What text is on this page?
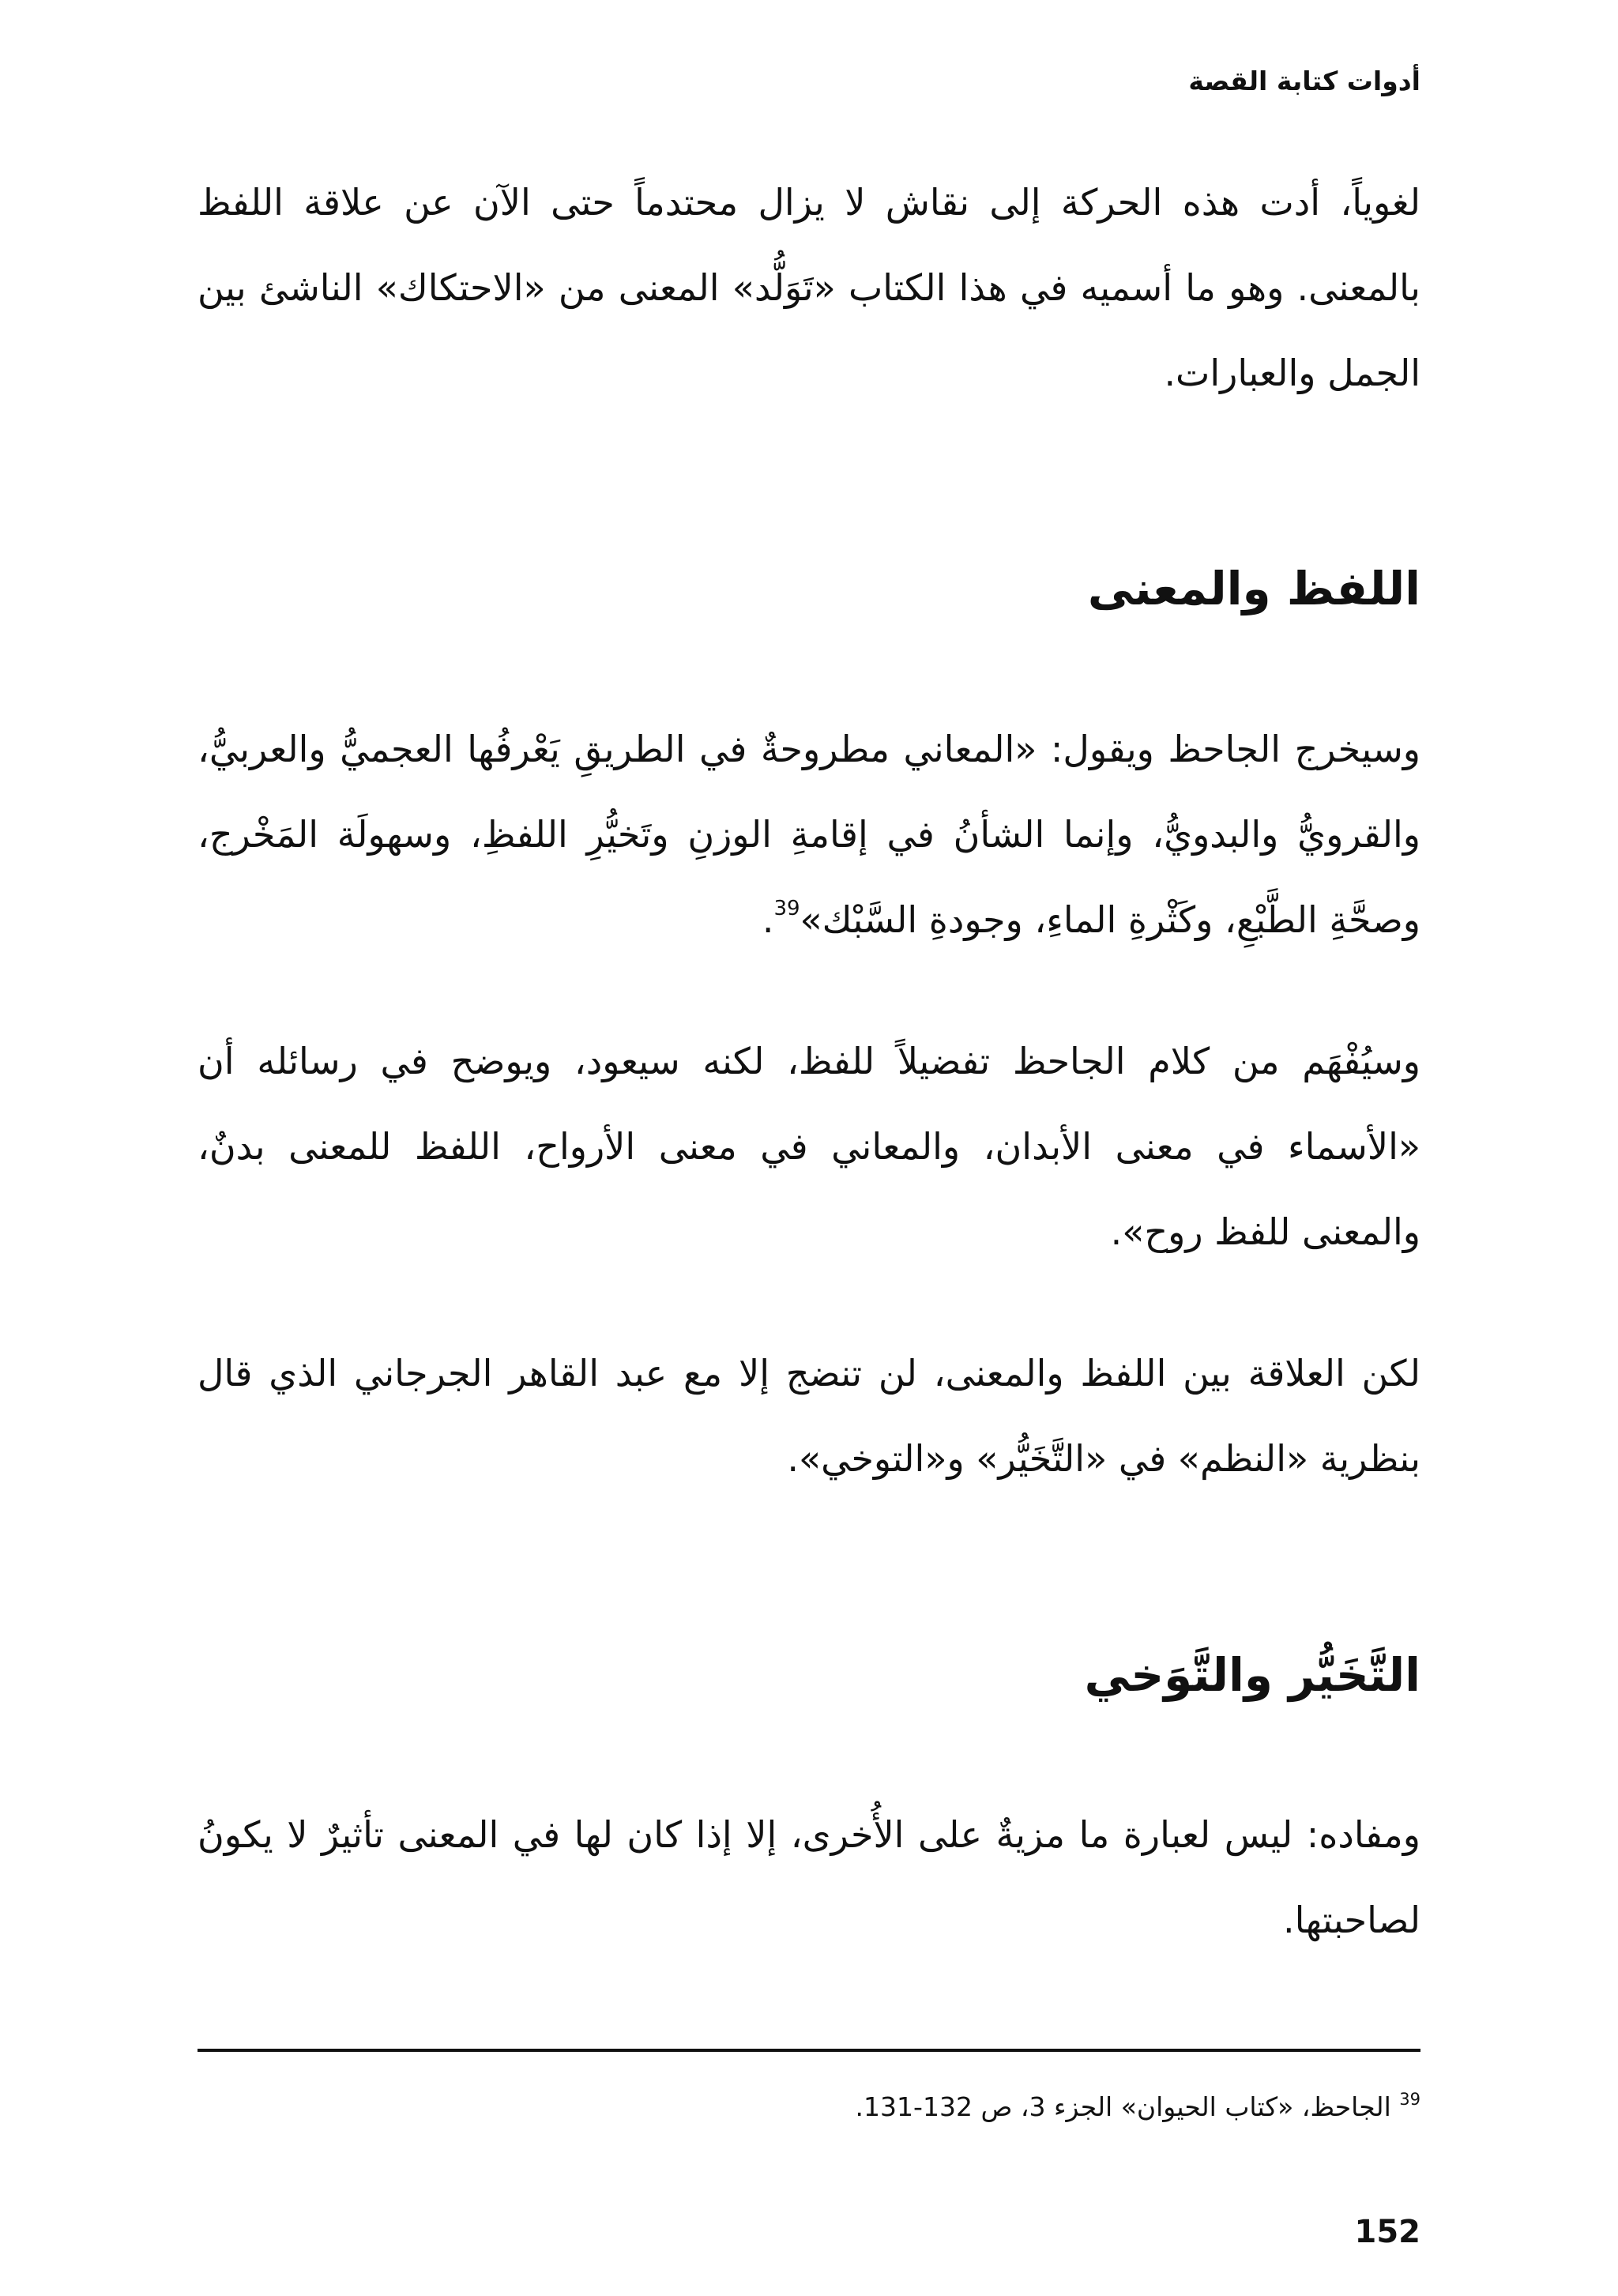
أدوات كتابة القصة

لغوياً، أدت هذه الحركة إلى نقاش لا يزال محتدماً حتى الآن عن علاقة اللفظ بالمعنى. وهو ما أسميه في هذا الكتاب «تَوَلُّد» المعنى من «الاحتكاك» الناشئ بين الجمل والعبارات.

اللفظ والمعنى

وسيخرج الجاحظ ويقول: «المعاني مطروحةٌ في الطريقِ يَعْرفُها العجميُّ والعربيُّ، والقرويُّ والبدويُّ، وإنما الشأنُ في إقامةِ الوزنِ وتَخيُّرِ اللفظِ، وسهولَة المَخْرج، وصحَّةِ الطَّبْعِ، وكَثْرةِ الماءِ، وجودةِ السَّبْك»$^{39}$.

وسيُفْهَم من كلام الجاحظ تفضيلاً للفظ، لكنه سيعود، ويوضح في رسائله أن «الأسماء في معنى الأبدان، والمعاني في معنى الأرواح، اللفظ للمعنى بدنٌ، والمعنى للفظ روح».

لكن العلاقة بين اللفظ والمعنى، لن تنضج إلا مع عبد القاهر الجرجاني الذي قال بنظرية «النظم» في «التَّخَيُّر» و«التوخي».

التَّخَيُّر والتَّوَخي

ومفاده: ليس لعبارة ما مزيةٌ على الأُخرى، إلا إذا كان لها في المعنى تأثيرٌ لا يكونُ لصاحبتها.

$^{39}$ الجاحظ، «كتاب الحيوان» الجزء 3، ص 132-131.
152
